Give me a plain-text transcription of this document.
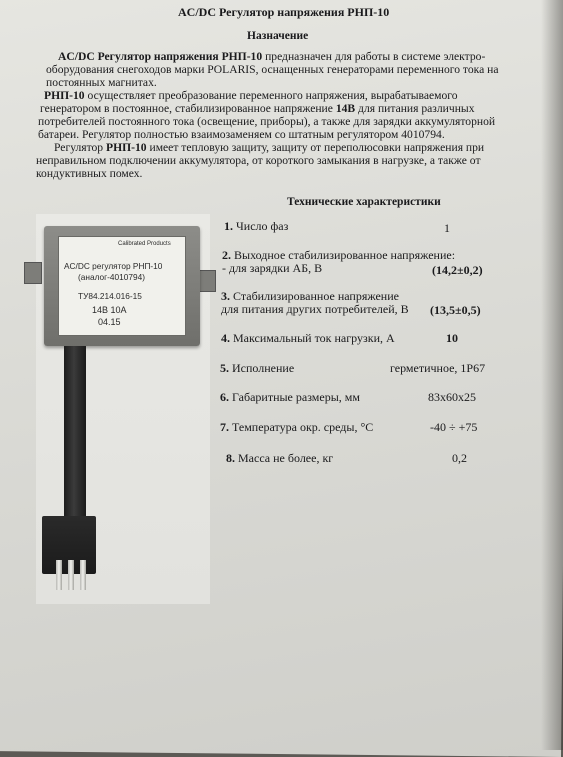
AC/DC Регулятор напряжения РНП-10
Назначение
AC/DC Регулятор напряжения РНП-10 предназначен для работы в системе электро-
оборудования снегоходов марки POLARIS, оснащенных генераторами переменного тока на
постоянных магнитах.
РНП-10 осуществляет преобразование переменного напряжения, вырабатываемого
генератором в постоянное, стабилизированное напряжение 14В для питания различных
потребителей постоянного тока (освещение, приборы), а также для зарядки аккумуляторной
батареи. Регулятор полностью взаимозаменяем со штатным регулятором 4010794.
Регулятор РНП-10 имеет тепловую защиту, защиту от переполюсовки напряжения при
неправильном подключении аккумулятора, от короткого замыкания в нагрузке, а также от
кондуктивных помех.
Технические характеристики
Calibrated Products
AC/DC регулятор РНП-10
(аналог-4010794)
ТУ84.214.016-15
14В 10А
04.15
1. Число фаз	1
2. Выходное стабилизированное напряжение:
- для зарядки АБ, В	(14,2±0,2)
3. Стабилизированное напряжение
для питания других потребителей, В (13,5±0,5)
4. Максимальный ток нагрузки, А	10
5. Исполнение	герметичное, 1Р67
6. Габаритные размеры, мм	83х60х25
7. Температура окр. среды, °С	-40 ÷ +75
8. Масса не более, кг	0,2
